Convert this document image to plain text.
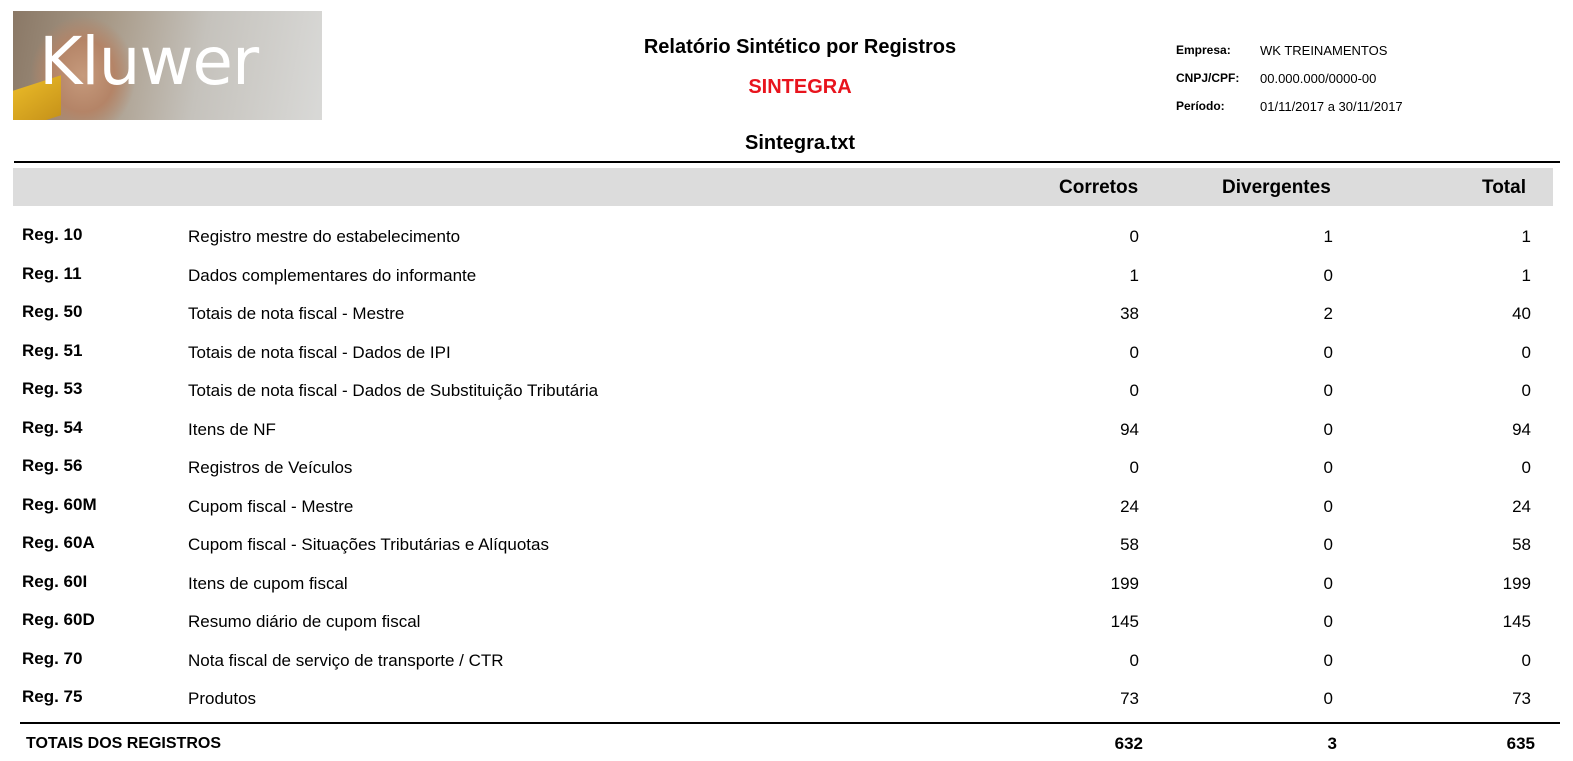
Kluwer	Relatório Sintético por Registros
SINTEGRA
Sintegra.txt
Empresa:	WK TREINAMENTOS
CNPJ/CPF:	00.000.000/0000-00
Período:	01/11/2017 a 30/11/2017
Corretos	Divergentes	Total
Reg. 10	Registro mestre do estabelecimento	0	1	1
Reg. 11	Dados complementares do informante	1	0	1
Reg. 50	Totais de nota fiscal - Mestre	38	2	40
Reg. 51	Totais de nota fiscal - Dados de IPI	0	0	0
Reg. 53	Totais de nota fiscal - Dados de Substituição Tributária	0	0	0
Reg. 54	Itens de NF	94	0	94
Reg. 56	Registros de Veículos	0	0	0
Reg. 60M	Cupom fiscal - Mestre	24	0	24
Reg. 60A	Cupom fiscal - Situações Tributárias e Alíquotas	58	0	58
Reg. 60I	Itens de cupom fiscal	199	0	199
Reg. 60D	Resumo diário de cupom fiscal	145	0	145
Reg. 70	Nota fiscal de serviço de transporte / CTR	0	0	0
Reg. 75	Produtos	73	0	73
TOTAIS DOS REGISTROS	632	3	635
